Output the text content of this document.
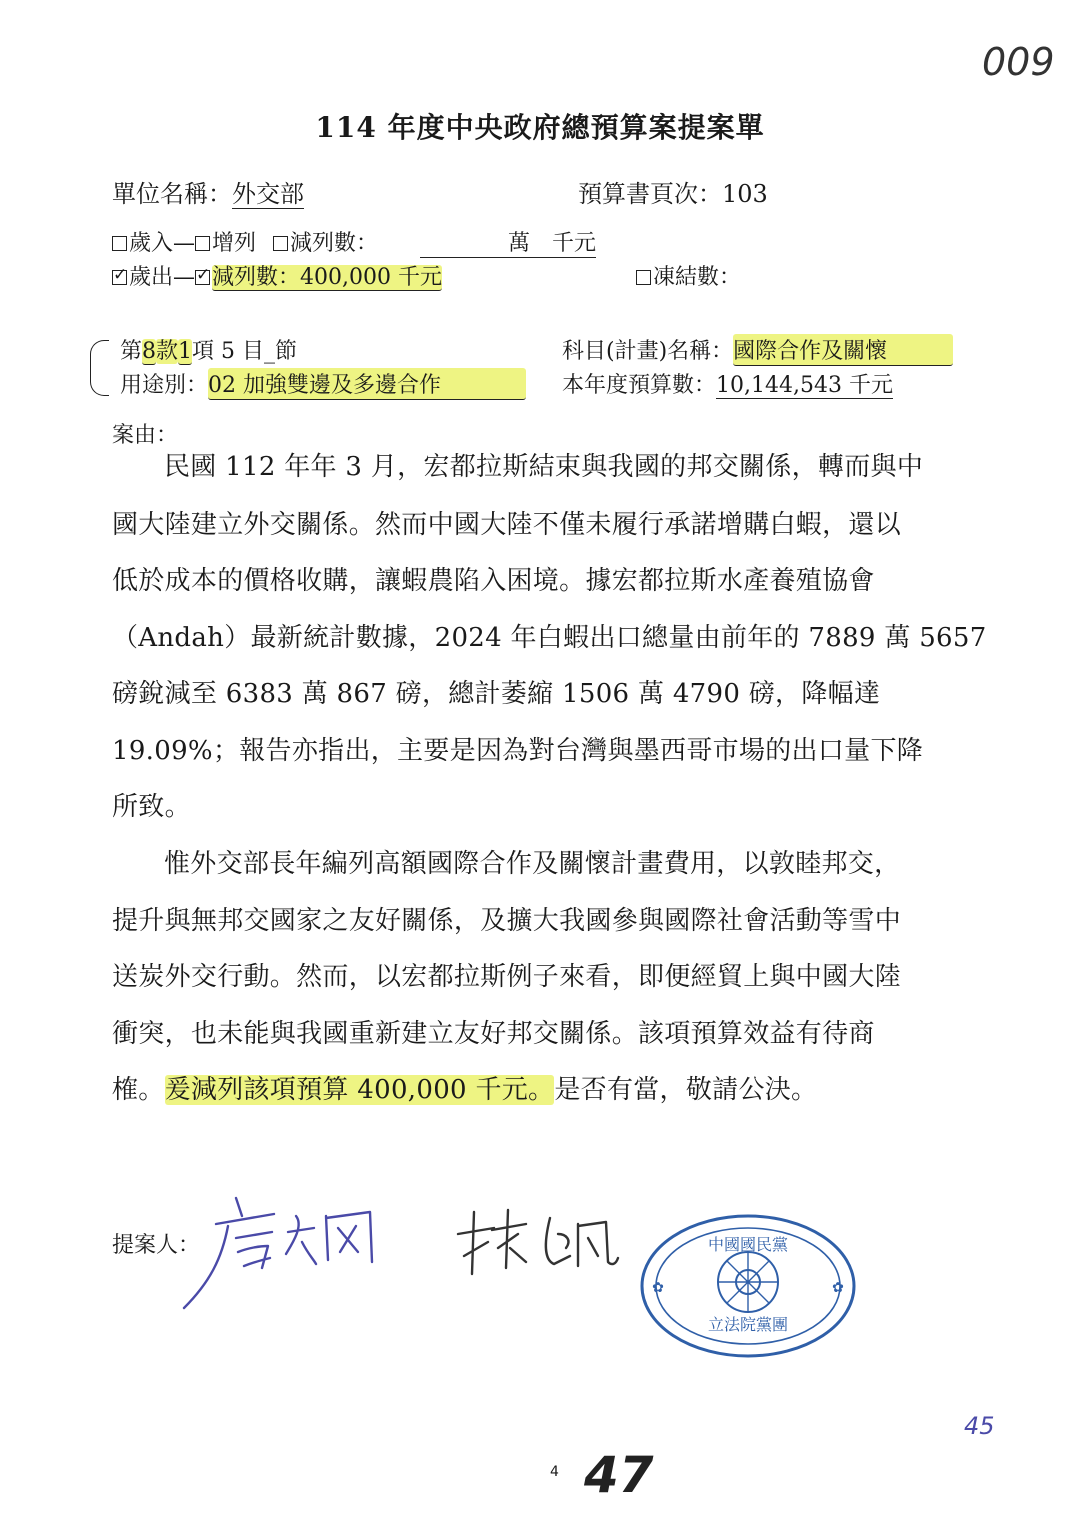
009
114 年度中央政府總預算案提案單
單位名稱：外交部	預算書頁次：103
歲入— 增列 減列數：	萬　千元
✓歲出—✓ 減列數：400,000 千元	凍結數：
第8款1項 5 目_節	科目(計畫)名稱：國際合作及關懷
用途別：02 加強雙邊及多邊合作	本年度預算數：10,144,543 千元
案由：
民國 112 年年 3 月，宏都拉斯結束與我國的邦交關係，轉而與中
國大陸建立外交關係。然而中國大陸不僅未履行承諾增購白蝦，還以
低於成本的價格收購，讓蝦農陷入困境。據宏都拉斯水產養殖協會
（Andah）最新統計數據，2024 年白蝦出口總量由前年的 7889 萬 5657
磅銳減至 6383 萬 867 磅，總計萎縮 1506 萬 4790 磅，降幅達
19.09%；報告亦指出，主要是因為對台灣與墨西哥市場的出口量下降
所致。
惟外交部長年編列高額國際合作及關懷計畫費用，以敦睦邦交，
提升與無邦交國家之友好關係，及擴大我國參與國際社會活動等雪中
送炭外交行動。然而，以宏都拉斯例子來看，即便經貿上與中國大陸
衝突，也未能與我國重新建立友好邦交關係。該項預算效益有待商
榷。爰減列該項預算 400,000 千元。是否有當，敬請公決。
提案人：	中國國民黨
立法院黨團
✿	✿
45
4 47
